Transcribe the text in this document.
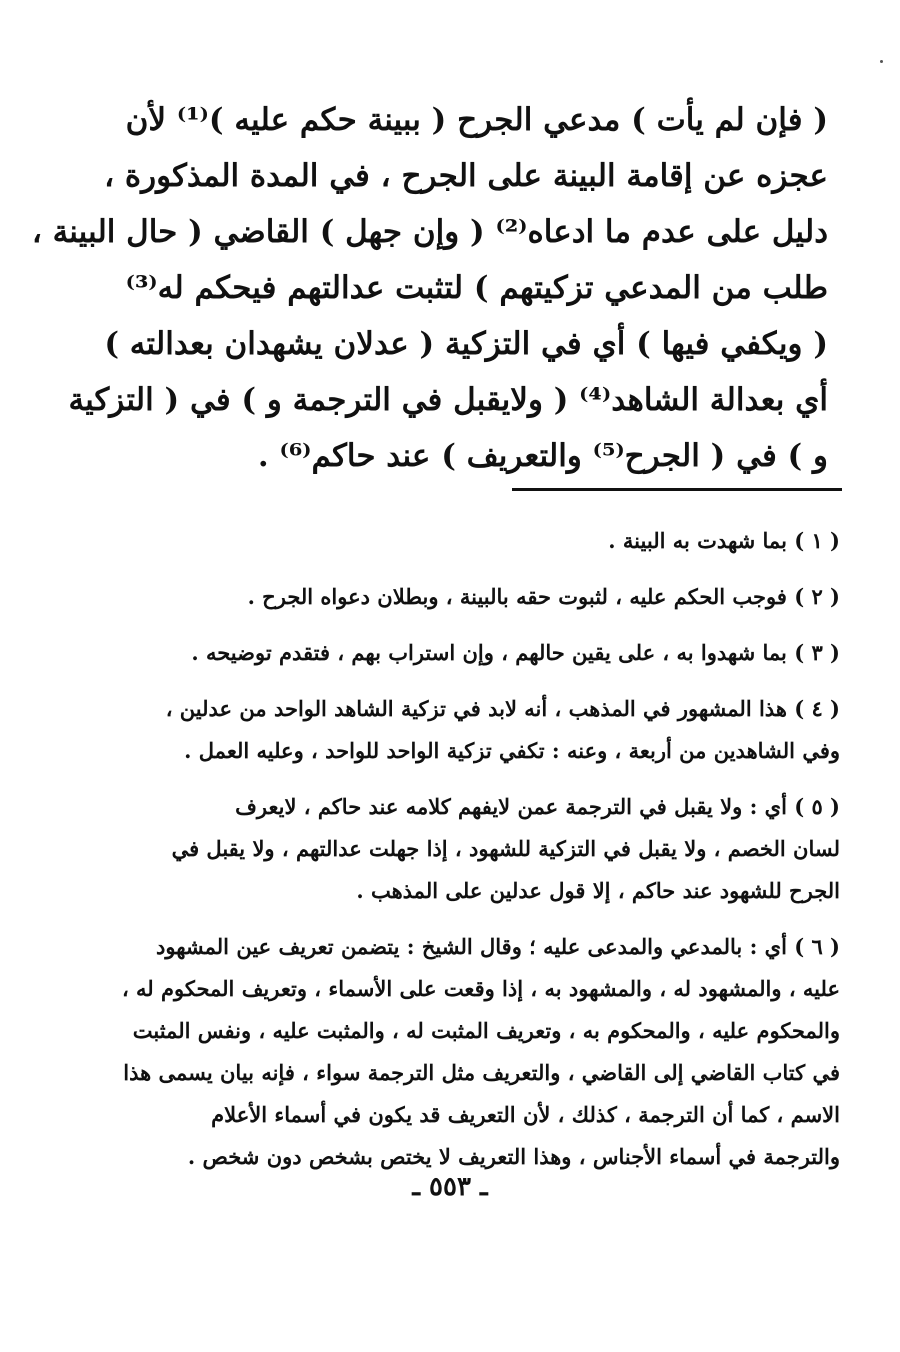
( فإن لم يأت ) مدعي الجرح ( ببينة حكم عليه )⁽¹⁾ لأن
عجزه عن إقامة البينة على الجرح ، في المدة المذكورة ،
دليل على عدم ما ادعاه⁽²⁾ ( وإن جهل ) القاضي ( حال البينة ،
طلب من المدعي تزكيتهم ) لتثبت عدالتهم فيحكم له⁽³⁾
( ويكفي فيها ) أي في التزكية ( عدلان يشهدان بعدالته )
أي بعدالة الشاهد⁽⁴⁾ ( ولايقبل في الترجمة و ) في ( التزكية
و ) في ( الجرح⁽⁵⁾ والتعريف ) عند حاكم⁽⁶⁾ .
( ١ ) بما شهدت به البينة .
( ٢ ) فوجب الحكم عليه ، لثبوت حقه بالبينة ، وبطلان دعواه الجرح .
( ٣ ) بما شهدوا به ، على يقين حالهم ، وإن استراب بهم ، فتقدم توضيحه .
( ٤ ) هذا المشهور في المذهب ، أنه لابد في تزكية الشاهد الواحد من عدلين ،
وفي الشاهدين من أربعة ، وعنه : تكفي تزكية الواحد للواحد ، وعليه العمل .
( ٥ ) أي : ولا يقبل في الترجمة عمن لايفهم كلامه عند حاكم ، لايعرف
لسان الخصم ، ولا يقبل في التزكية للشهود ، إذا جهلت عدالتهم ، ولا يقبل في
الجرح للشهود عند حاكم ، إلا قول عدلين على المذهب .
( ٦ ) أي : بالمدعي والمدعى عليه ؛ وقال الشيخ : يتضمن تعريف عين المشهود
عليه ، والمشهود له ، والمشهود به ، إذا وقعت على الأسماء ، وتعريف المحكوم له ،
والمحكوم عليه ، والمحكوم به ، وتعريف المثبت له ، والمثبت عليه ، ونفس المثبت
في كتاب القاضي إلى القاضي ، والتعريف مثل الترجمة سواء ، فإنه بيان يسمى هذا
الاسم ، كما أن الترجمة ، كذلك ، لأن التعريف قد يكون في أسماء الأعلام
والترجمة في أسماء الأجناس ، وهذا التعريف لا يختص بشخص دون شخص .
ـ ٥٥٣ ـ
